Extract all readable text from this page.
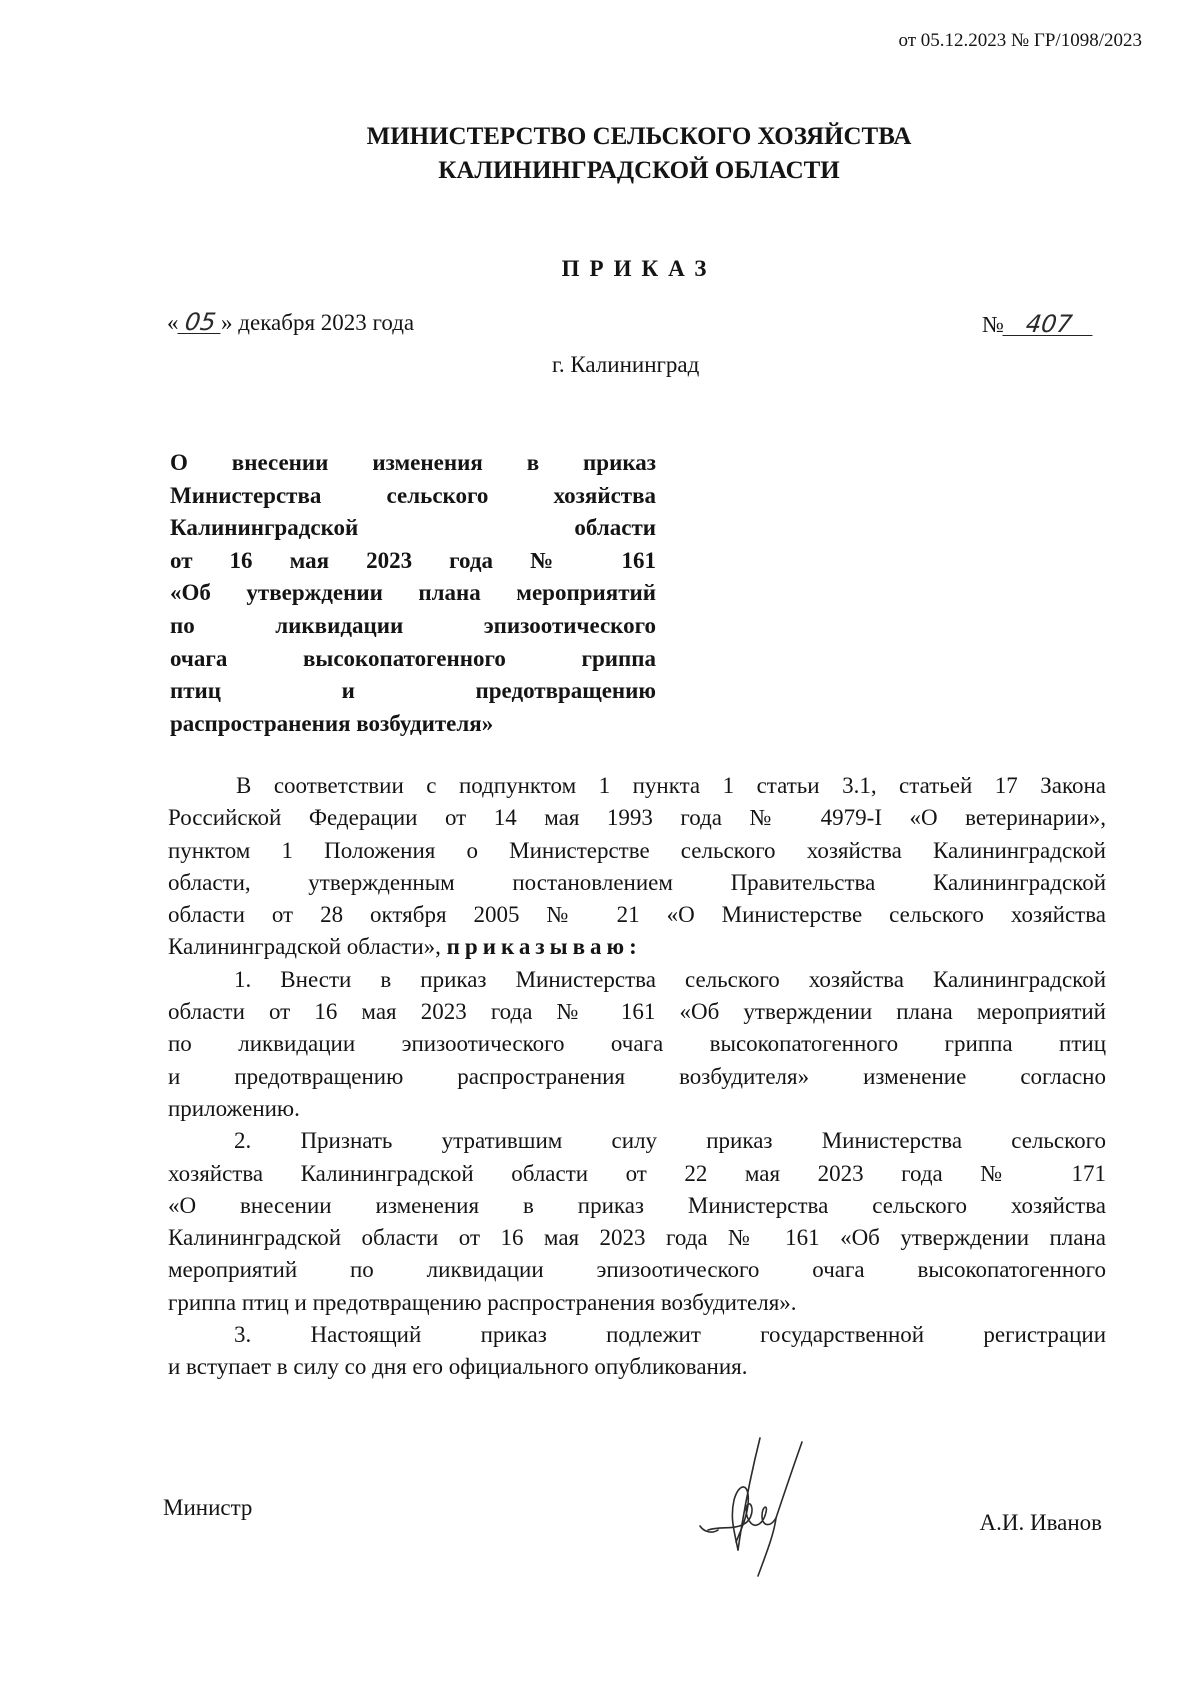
от 05.12.2023 № ГР/1098/2023
МИНИСТЕРСТВО СЕЛЬСКОГО ХОЗЯЙСТВА
КАЛИНИНГРАДСКОЙ ОБЛАСТИ
ПРИКАЗ
« 05 » декабря 2023 года	№ 407
г. Калининград
О внесении изменения в приказ
Министерства сельского хозяйства
Калининградской области
от 16 мая 2023 года № 161
«Об утверждении плана мероприятий
по ликвидации эпизоотического
очага высокопатогенного гриппа
птиц и предотвращению
распространения возбудителя»
В соответствии с подпунктом 1 пункта 1 статьи 3.1, статьей 17 Закона
Российской Федерации от 14 мая 1993 года № 4979-I «О ветеринарии»,
пунктом 1 Положения о Министерстве сельского хозяйства Калининградской
области, утвержденным постановлением Правительства Калининградской
области от 28 октября 2005 № 21 «О Министерстве сельского хозяйства
Калининградской области», приказываю:
1. Внести в приказ Министерства сельского хозяйства Калининградской
области от 16 мая 2023 года № 161 «Об утверждении плана мероприятий
по ликвидации эпизоотического очага высокопатогенного гриппа птиц
и предотвращению распространения возбудителя» изменение согласно
приложению.
2. Признать утратившим силу приказ Министерства сельского
хозяйства Калининградской области от 22 мая 2023 года № 171
«О внесении изменения в приказ Министерства сельского хозяйства
Калининградской области от 16 мая 2023 года № 161 «Об утверждении плана
мероприятий по ликвидации эпизоотического очага высокопатогенного
гриппа птиц и предотвращению распространения возбудителя».
3. Настоящий приказ подлежит государственной регистрации
и вступает в силу со дня его официального опубликования.
Министр
А.И. Иванов
